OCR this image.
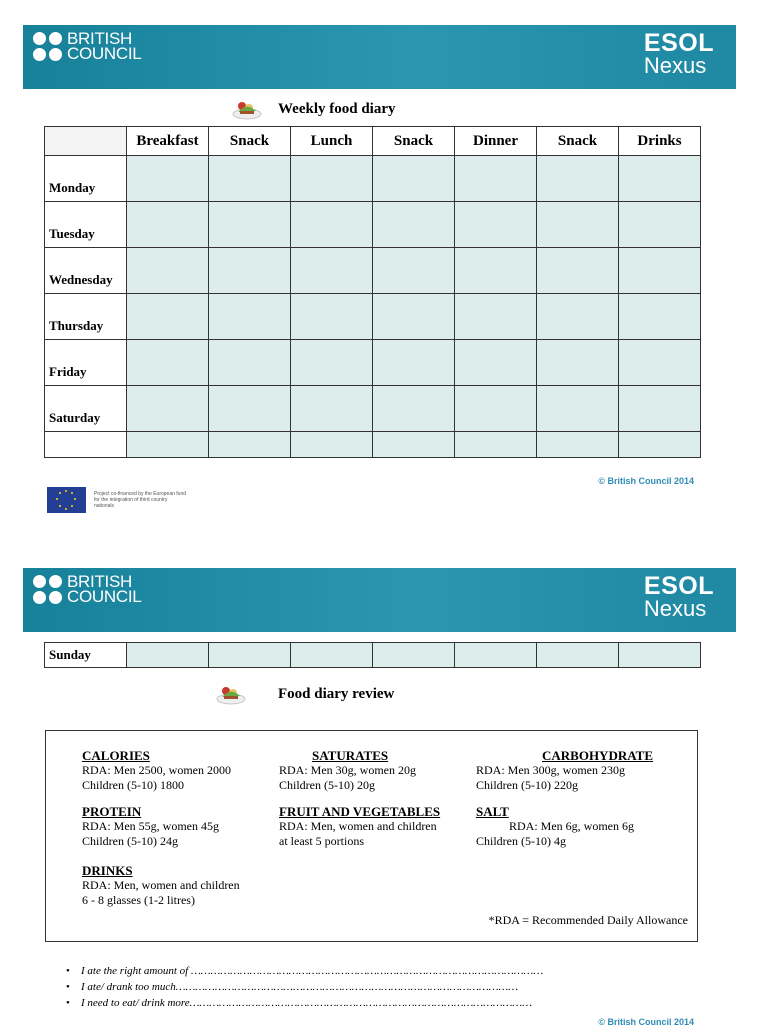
BRITISH
COUNCIL	ESOL
Nexus
Weekly food diary
	Breakfast	Snack	Lunch	Snack	Dinner	Snack	Drinks
Monday							
Tuesday							
Wednesday							
Thursday							
Friday							
Saturday							

© British Council 2014
Project co-financed by the European fund for the integration of third country nationals
BRITISH
COUNCIL	ESOL
Nexus
Sunday							
Food diary review
CALORIES
RDA: Men 2500, women 2000
Children (5-10) 1800
SATURATES
RDA: Men 30g, women 20g
Children (5-10) 20g
CARBOHYDRATE
RDA: Men 300g, women 230g
Children (5-10) 220g
PROTEIN
RDA: Men 55g, women 45g
Children (5-10) 24g
FRUIT AND VEGETABLES
RDA: Men, women and children
at least 5 portions
SALT
RDA: Men 6g, women 6g
Children (5-10) 4g
DRINKS
RDA: Men, women and children
6 - 8 glasses (1-2 litres)
*RDA = Recommended Daily Allowance
• I ate the right amount of ………………………………………………………………………………………………
• I ate/ drank too much……………………………………………………………………………………………
• I need to eat/ drink more……………………………………………………………………………………………
© British Council 2014
